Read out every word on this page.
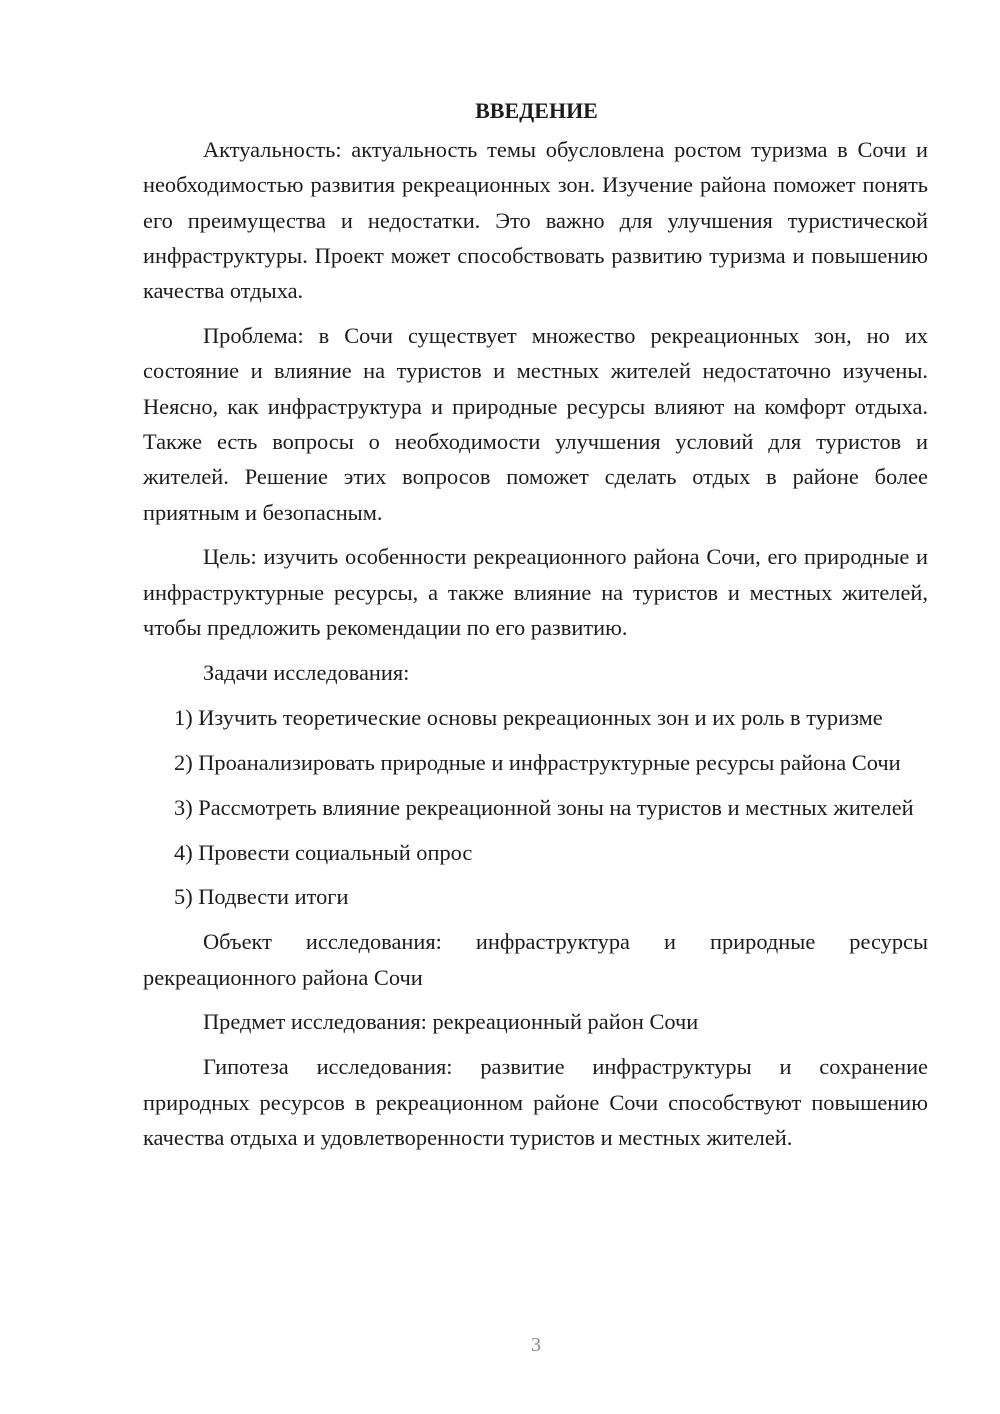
ВВЕДЕНИЕ

Актуальность: актуальность темы обусловлена ростом туризма в Сочи и необходимостью развития рекреационных зон. Изучение района поможет понять его преимущества и недостатки. Это важно для улучшения туристической инфраструктуры. Проект может способствовать развитию туризма и повышению качества отдыха.

Проблема: в Сочи существует множество рекреационных зон, но их состояние и влияние на туристов и местных жителей недостаточно изучены. Неясно, как инфраструктура и природные ресурсы влияют на комфорт отдыха. Также есть вопросы о необходимости улучшения условий для туристов и жителей. Решение этих вопросов поможет сделать отдых в районе более приятным и безопасным.

Цель: изучить особенности рекреационного района Сочи, его природные и инфраструктурные ресурсы, а также влияние на туристов и местных жителей, чтобы предложить рекомендации по его развитию.

Задачи исследования:

1) Изучить теоретические основы рекреационных зон и их роль в туризме

2) Проанализировать природные и инфраструктурные ресурсы района Сочи

3) Рассмотреть влияние рекреационной зоны на туристов и местных жителей

4) Провести социальный опрос

5) Подвести итоги

Объект исследования: инфраструктура и природные ресурсы рекреационного района Сочи

Предмет исследования: рекреационный район Сочи

Гипотеза исследования: развитие инфраструктуры и сохранение природных ресурсов в рекреационном районе Сочи способствуют повышению качества отдыха и удовлетворенности туристов и местных жителей.

3
